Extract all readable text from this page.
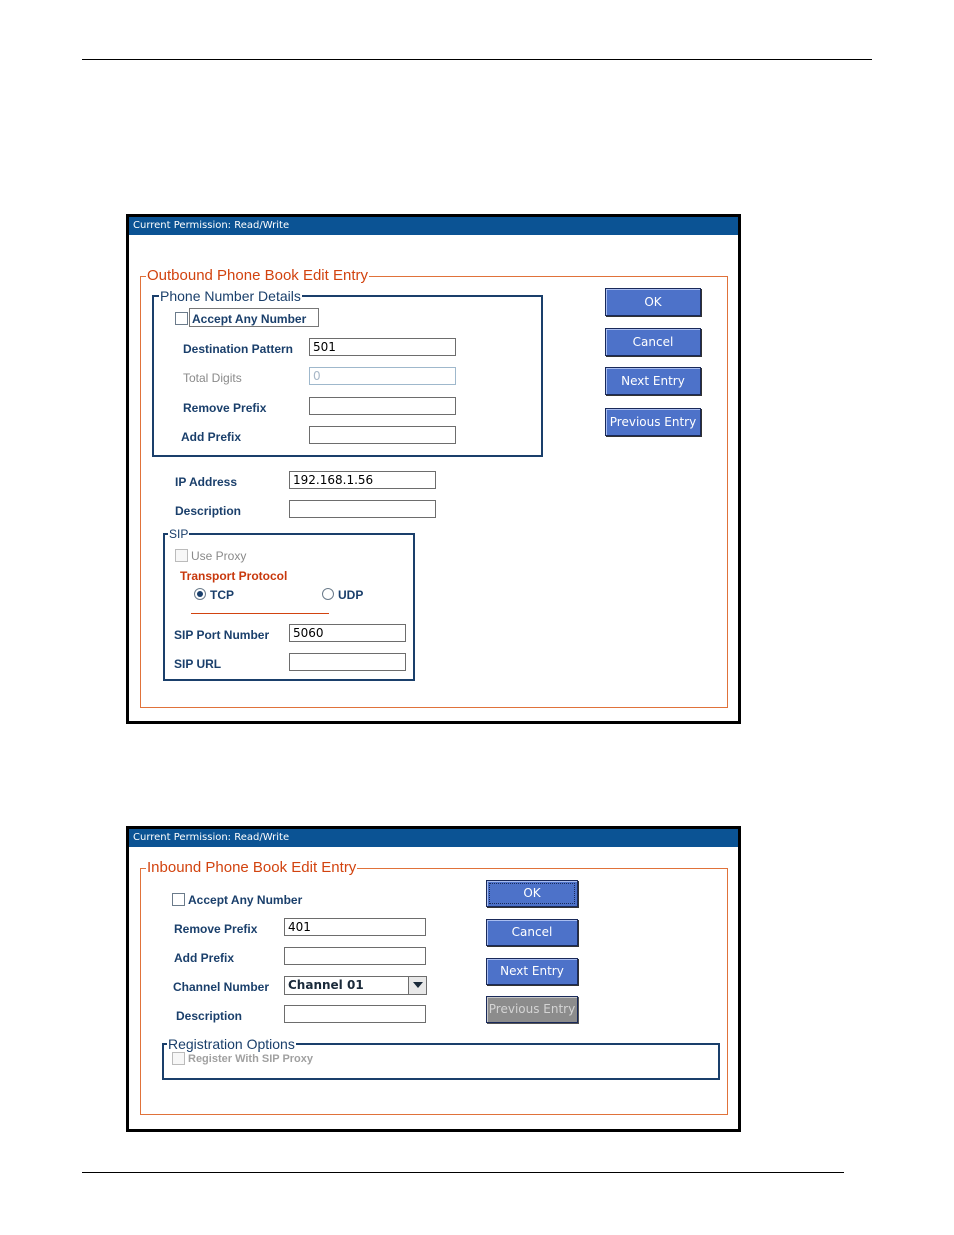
Current Permission: Read/Write
Outbound Phone Book Edit Entry
Phone Number Details
Accept Any Number
Destination Pattern	501
Total Digits	0
Remove Prefix
Add Prefix
IP Address	192.168.1.56
Description
SIP
Use Proxy
Transport Protocol
TCP	UDP
SIP Port Number	5060
SIP URL
OK
Cancel
Next Entry
Previous Entry
Current Permission: Read/Write
Inbound Phone Book Edit Entry
Accept Any Number
Remove Prefix	401
Add Prefix
Channel Number	Channel 01
Description
OK
Cancel
Next Entry
Previous Entry
Registration Options
Register With SIP Proxy
